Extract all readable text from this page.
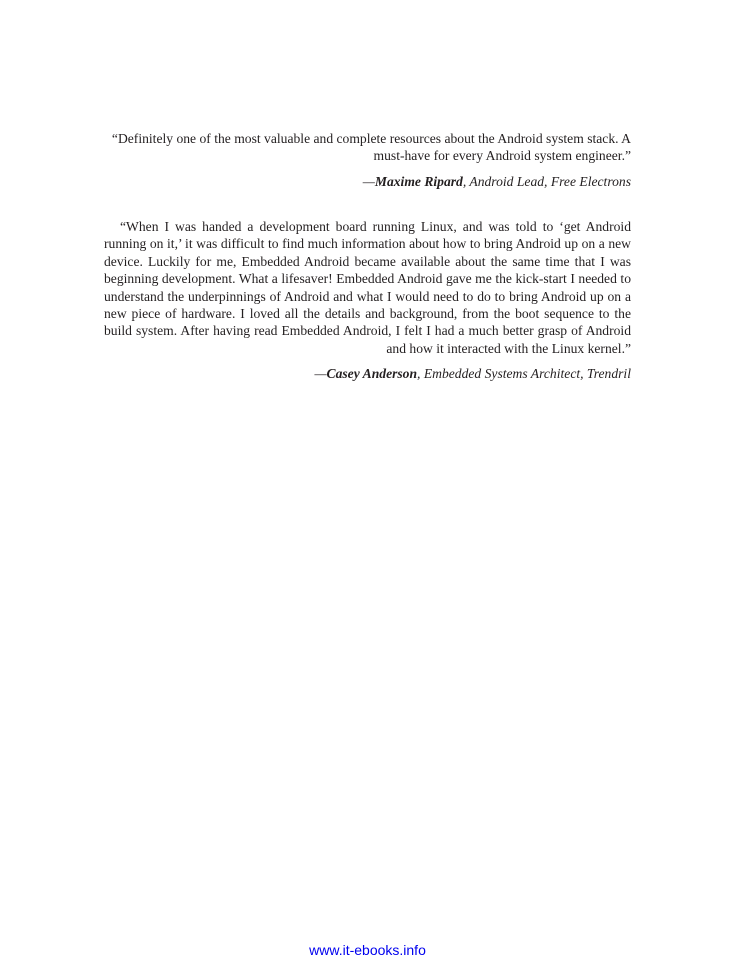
“Definitely one of the most valuable and complete resources about the Android system stack. A must-have for every Android system engineer.”

—Maxime Ripard, Android Lead, Free Electrons

“When I was handed a development board running Linux, and was told to ‘get Android running on it,’ it was difficult to find much information about how to bring Android up on a new device. Luckily for me, Embedded Android became available about the same time that I was beginning development. What a lifesaver! Embedded Android gave me the kick-start I needed to understand the underpinnings of Android and what I would need to do to bring Android up on a new piece of hardware. I loved all the details and background, from the boot sequence to the build system. After having read Embedded Android, I felt I had a much better grasp of Android and how it interacted with the Linux kernel.”

—Casey Anderson, Embedded Systems Architect, Trendril

www.it-ebooks.info
